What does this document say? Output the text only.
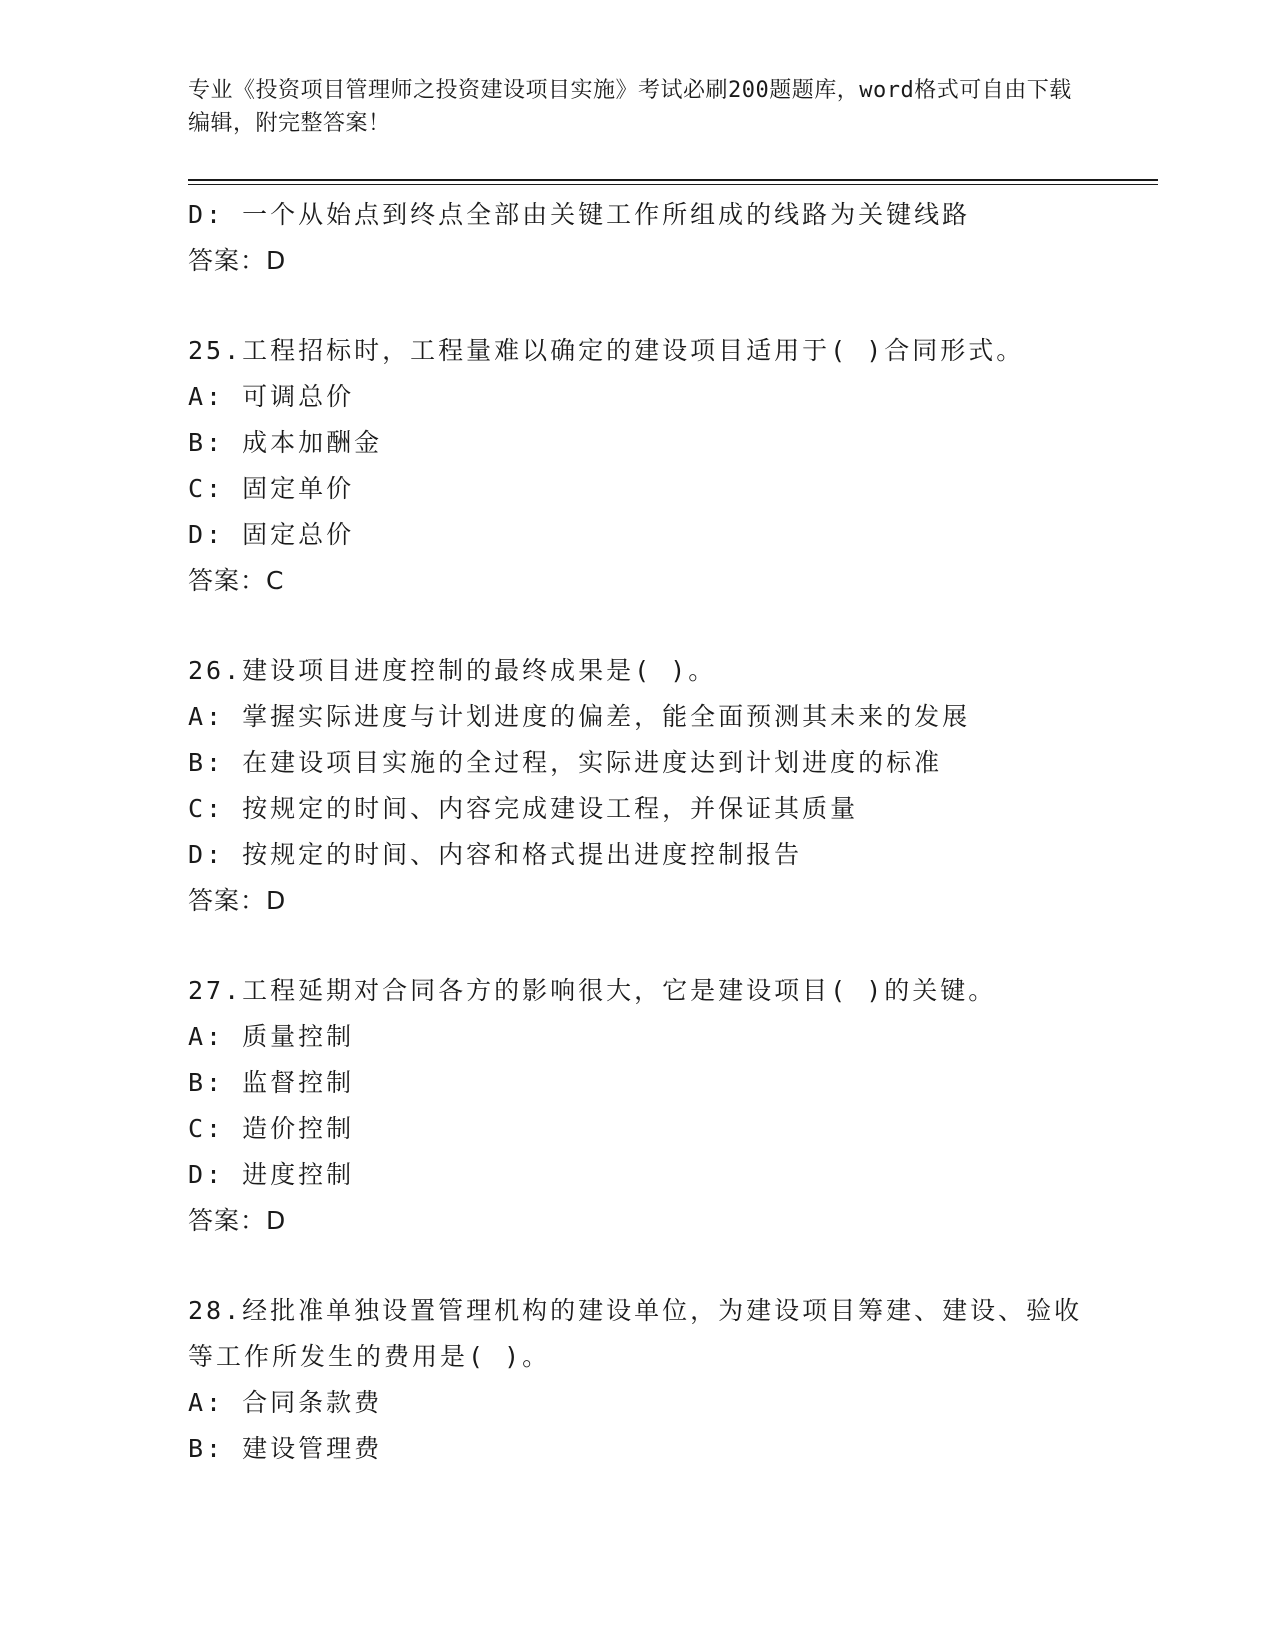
专业《投资项目管理师之投资建设项目实施》考试必刷200题题库，word格式可自由下载编辑，附完整答案！
D: 一个从始点到终点全部由关键工作所组成的线路为关键线路
答案：D
25.工程招标时，工程量难以确定的建设项目适用于( )合同形式。
A: 可调总价
B: 成本加酬金
C: 固定单价
D: 固定总价
答案：C
26.建设项目进度控制的最终成果是( )。
A: 掌握实际进度与计划进度的偏差，能全面预测其未来的发展
B: 在建设项目实施的全过程，实际进度达到计划进度的标准
C: 按规定的时间、内容完成建设工程，并保证其质量
D: 按规定的时间、内容和格式提出进度控制报告
答案：D
27.工程延期对合同各方的影响很大，它是建设项目( )的关键。
A: 质量控制
B: 监督控制
C: 造价控制
D: 进度控制
答案：D
28.经批准单独设置管理机构的建设单位，为建设项目筹建、建设、验收等工作所发生的费用是( )。
A: 合同条款费
B: 建设管理费
